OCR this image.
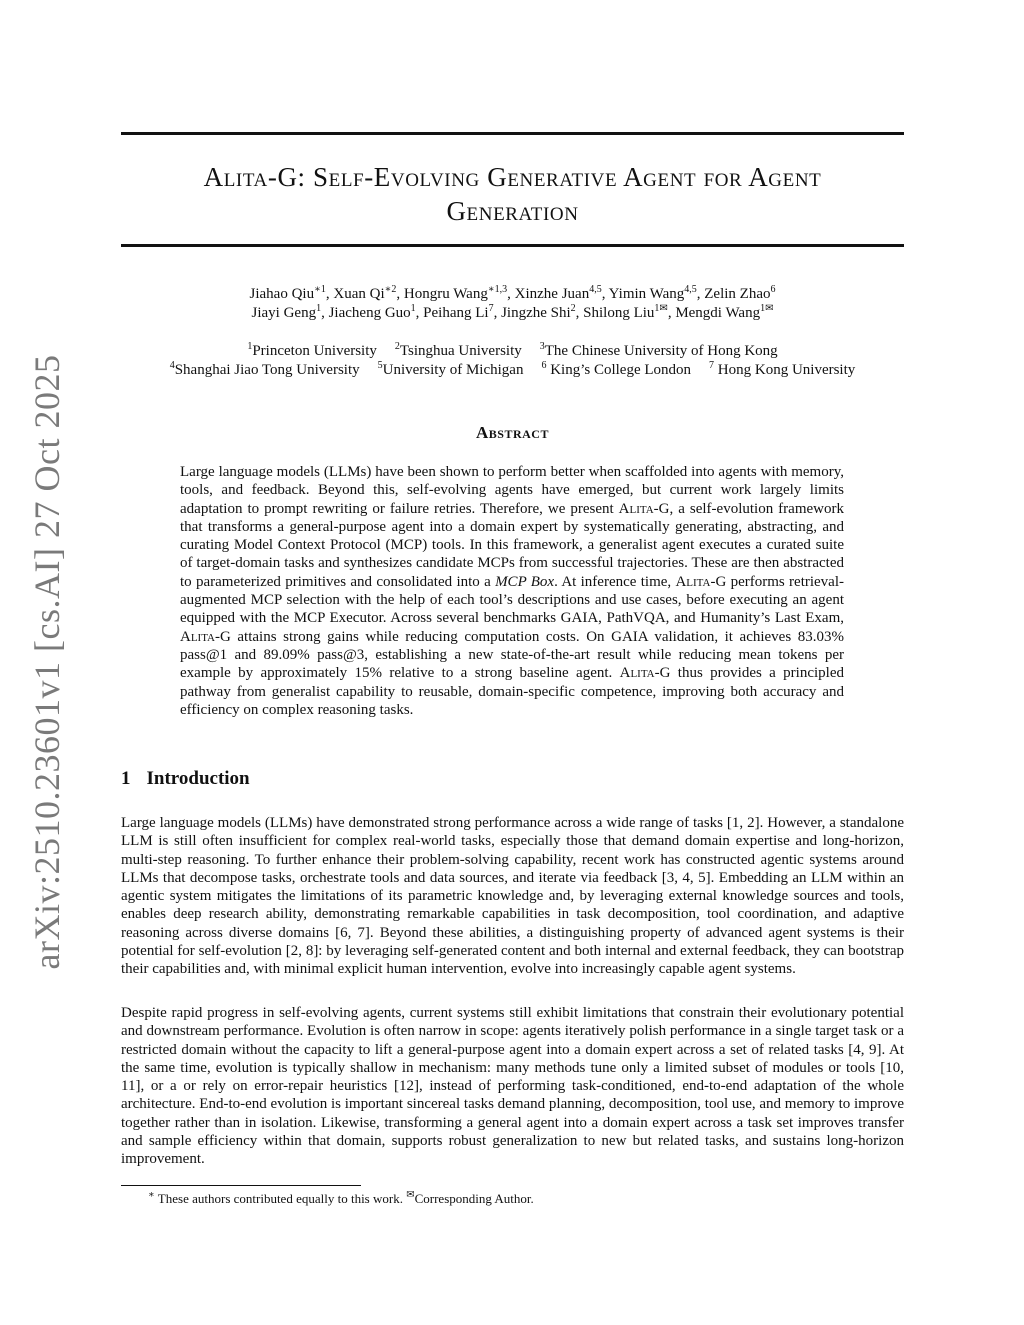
arXiv:2510.23601v1 [cs.AI] 27 Oct 2025
Alita-G: Self-Evolving Generative Agent for Agent
Generation
Jiahao Qiu$^{∗1}$, Xuan $Qi^{∗2}$, Hongru Wang$^{∗1,3}$, Xinzhe Juan$^{4,5}$, Yimin Wang$^{4,5}$, Zelin Zhao$^6$
Jiayi Geng$^1$, Jiacheng Guo$^1$, Peihang Li$^7$, Jingzhe Shi$^2$, Shilong Liu$^{1✉}$, Mengdi Wang$^{1✉}$
$^1$Princeton University $^2$Tsinghua University $^3$The Chinese University of Hong Kong
$^4$Shanghai Jiao Tong University $^5$University of Michigan $^6$ King’s College London $^7$ Hong Kong University
Abstract
Large language models (LLMs) have been shown to perform better when scaffolded into agents with memory, tools, and feedback. Beyond this, self-evolving agents have emerged, but current work largely limits adaptation to prompt rewriting or failure retries. Therefore, we present Alita-G, a self-evolution framework that transforms a general-purpose agent into a domain expert by systematically generating, abstracting, and curating Model Context Protocol (MCP) tools. In this framework, a generalist agent executes a curated suite of target-domain tasks and synthesizes candidate MCPs from successful trajectories. These are then abstracted to parameterized primitives and consolidated into a MCP Box. At inference time, Alita-G performs retrieval-augmented MCP selection with the help of each tool’s descriptions and use cases, before executing an agent equipped with the MCP Executor. Across several benchmarks GAIA, PathVQA, and Humanity’s Last Exam, Alita-G attains strong gains while reducing computation costs. On GAIA validation, it achieves 83.03% pass@1 and 89.09% pass@3, establishing a new state-of-the-art result while reducing mean tokens per example by approximately 15% relative to a strong baseline agent. Alita-G thus provides a principled pathway from generalist capability to reusable, domain-specific competence, improving both accuracy and efficiency on complex reasoning tasks.
1 Introduction

Large language models (LLMs) have demonstrated strong performance across a wide range of tasks [1, 2]. However, a standalone LLM is still often insufficient for complex real-world tasks, especially those that demand domain expertise and long-horizon, multi-step reasoning. To further enhance their problem-solving capability, recent work has constructed agentic systems around LLMs that decompose tasks, orchestrate tools and data sources, and iterate via feedback [3, 4, 5]. Embedding an LLM within an agentic system mitigates the limitations of its parametric knowledge and, by leveraging external knowledge sources and tools, enables deep research ability, demonstrating remarkable capabilities in task decomposition, tool coordination, and adaptive reasoning across diverse domains [6, 7]. Beyond these abilities, a distinguishing property of advanced agent systems is their potential for self-evolution [2, 8]: by leveraging self-generated content and both internal and external feedback, they can bootstrap their capabilities and, with minimal explicit human intervention, evolve into increasingly capable agent systems.

Despite rapid progress in self-evolving agents, current systems still exhibit limitations that constrain their evolutionary potential and downstream performance. Evolution is often narrow in scope: agents iteratively polish performance in a single target task or a restricted domain without the capacity to lift a general-purpose agent into a domain expert across a set of related tasks [4, 9]. At the same time, evolution is typically shallow in mechanism: many methods tune only a limited subset of modules or tools [10, 11], or a or rely on error-repair heuristics [12], instead of performing task-conditioned, end-to-end adaptation of the whole architecture. End-to-end evolution is important sincereal tasks demand planning, decomposition, tool use, and memory to improve together rather than in isolation. Likewise, transforming a general agent into a domain expert across a task set improves transfer and sample efficiency within that domain, supports robust generalization to new but related tasks, and sustains long-horizon improvement.

∗ These authors contributed equally to this work. ✉Corresponding Author.
